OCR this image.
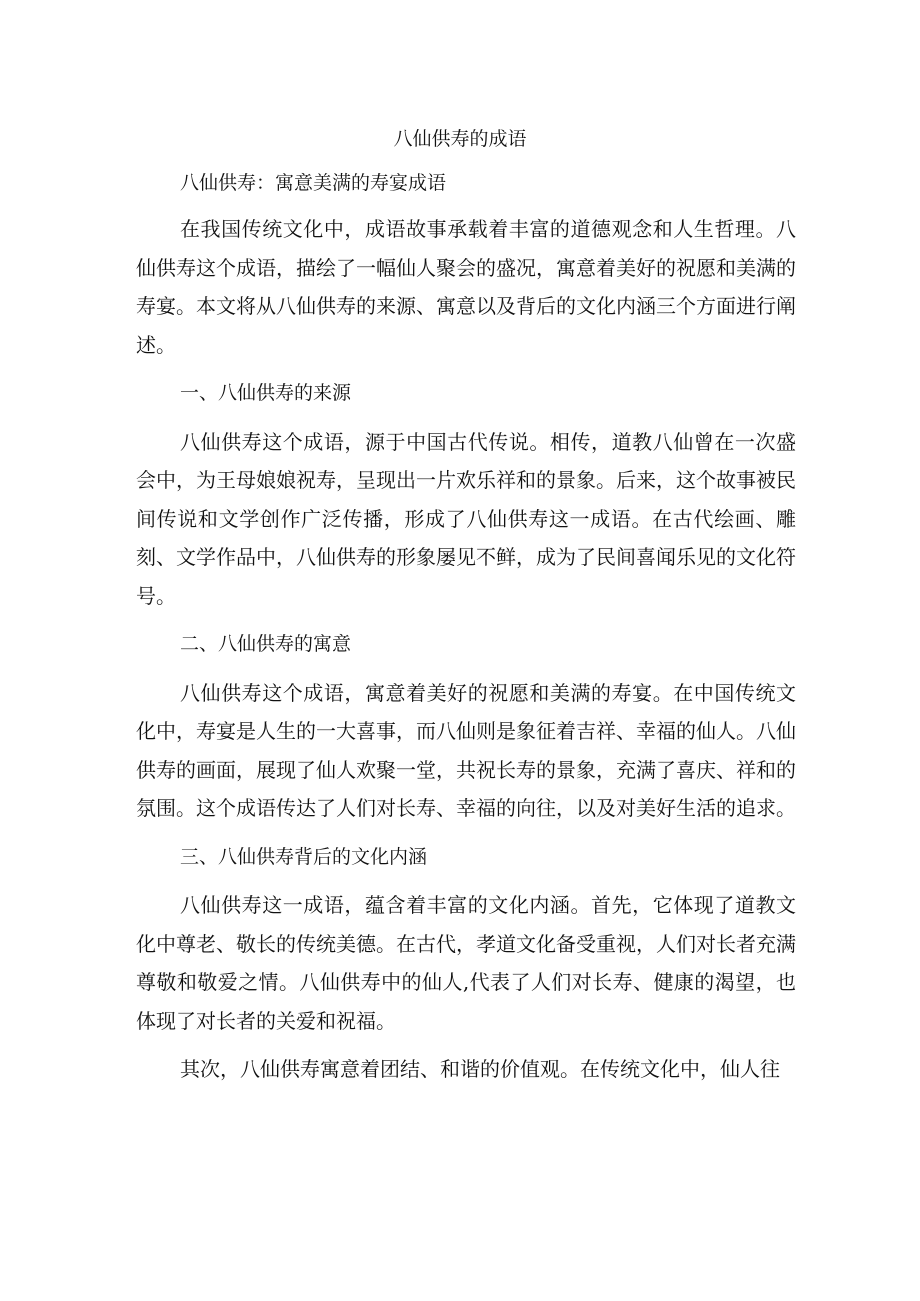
八仙供寿的成语

八仙供寿：寓意美满的寿宴成语

在我国传统文化中，成语故事承载着丰富的道德观念和人生哲理。八仙供寿这个成语，描绘了一幅仙人聚会的盛况，寓意着美好的祝愿和美满的寿宴。本文将从八仙供寿的来源、寓意以及背后的文化内涵三个方面进行阐述。

一、八仙供寿的来源

八仙供寿这个成语，源于中国古代传说。相传，道教八仙曾在一次盛会中，为王母娘娘祝寿，呈现出一片欢乐祥和的景象。后来，这个故事被民间传说和文学创作广泛传播，形成了八仙供寿这一成语。在古代绘画、雕刻、文学作品中，八仙供寿的形象屡见不鲜，成为了民间喜闻乐见的文化符号。

二、八仙供寿的寓意

八仙供寿这个成语，寓意着美好的祝愿和美满的寿宴。在中国传统文化中，寿宴是人生的一大喜事，而八仙则是象征着吉祥、幸福的仙人。八仙供寿的画面，展现了仙人欢聚一堂，共祝长寿的景象，充满了喜庆、祥和的氛围。这个成语传达了人们对长寿、幸福的向往，以及对美好生活的追求。

三、八仙供寿背后的文化内涵

八仙供寿这一成语，蕴含着丰富的文化内涵。首先，它体现了道教文化中尊老、敬长的传统美德。在古代，孝道文化备受重视，人们对长者充满尊敬和敬爱之情。八仙供寿中的仙人,代表了人们对长寿、健康的渴望，也体现了对长者的关爱和祝福。

其次，八仙供寿寓意着团结、和谐的价值观。在传统文化中，仙人往
